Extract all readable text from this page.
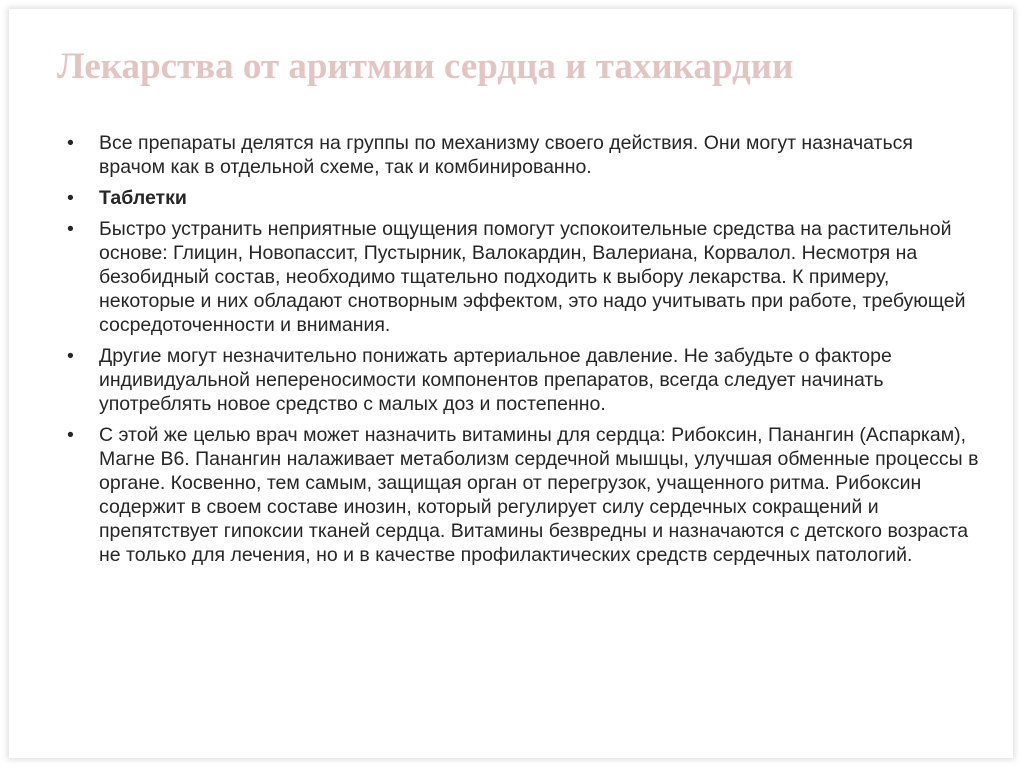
Лекарства от аритмии сердца и тахикардии
•	Все препараты делятся на группы по механизму своего действия. Они могут назначаться врачом как в отдельной схеме, так и комбинированно.
•	Таблетки
•	Быстро устранить неприятные ощущения помогут успокоительные средства на растительной основе: Глицин, Новопассит, Пустырник, Валокардин, Валериана, Корвалол. Несмотря на безобидный состав, необходимо тщательно подходить к выбору лекарства. К примеру, некоторые и них обладают снотворным эффектом, это надо учитывать при работе, требующей сосредоточенности и внимания.
•	Другие могут незначительно понижать артериальное давление. Не забудьте о факторе индивидуальной непереносимости компонентов препаратов, всегда следует начинать употреблять новое средство с малых доз и постепенно.
•	С этой же целью врач может назначить витамины для сердца: Рибоксин, Панангин (Аспаркам), Магне В6. Панангин налаживает метаболизм сердечной мышцы, улучшая обменные процессы в органе. Косвенно, тем самым, защищая орган от перегрузок, учащенного ритма. Рибоксин содержит в своем составе инозин, который регулирует силу сердечных сокращений и препятствует гипоксии тканей сердца. Витамины безвредны и назначаются с детского возраста не только для лечения, но и в качестве профилактических средств сердечных патологий.
